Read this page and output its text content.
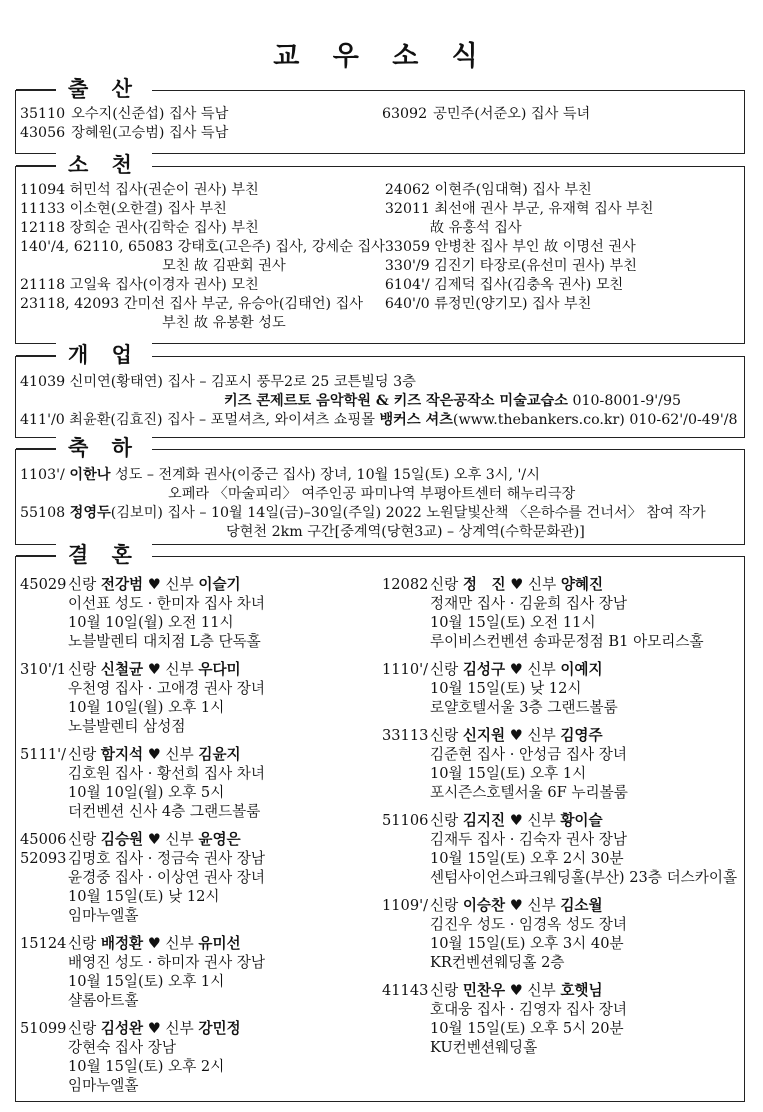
교 우 소 식
출 산
35110 오수지(신준섭) 집사 득남
43056 장혜원(고승범) 집사 득남
63092 공민주(서준오) 집사 득녀
소 천
11094 허민석 집사(권순이 권사) 부친
11133 이소현(오한결) 집사 부친
12118 장희순 권사(김학순 집사) 부친
140'/4, 62110, 65083 강태호(고은주) 집사, 강세순 집사
모친 故 김판회 권사
21118 고일육 집사(이경자 권사) 모친
23118, 42093 간미선 집사 부군, 유승아(김태언) 집사
부친 故 유봉환 성도
24062 이현주(임대혁) 집사 부친
32011 최선애 권사 부군, 유재혁 집사 부친
故 유홍석 집사
33059 안병찬 집사 부인 故 이명선 권사
330'/9 김진기 타장로(유선미 권사) 부친
6104'/ 김제덕 집사(김충옥 권사) 모친
640'/0 류정민(양기모) 집사 부친
개 업
41039 신미연(황태연) 집사 – 김포시 풍무2로 25 코튼빌딩 3층
키즈 콘제르토 음악학원 & 키즈 작은공작소 미술교습소 010-8001-9'/95
411'/0 최윤환(김효진) 집사 – 포멀셔츠, 와이셔츠 쇼핑몰 뱅커스 셔츠(www.thebankers.co.kr) 010-62'/0-49'/8
축 하
1103'/ 이한나 성도 – 전계화 권사(이중근 집사) 장녀, 10월 15일(토) 오후 3시, '/시
오페라 〈마술피리〉 여주인공 파미나역 부평아트센터 해누리극장
55108 정영두(김보미) 집사 – 10월 14일(금)–30일(주일) 2022 노원달빛산책 〈은하수를 건너서〉 참여 작가
당현천 2km 구간[중계역(당현3교) – 상계역(수학문화관)]
결 혼
45029 신랑 전강범 ♥ 신부 이슬기
이선표 성도 · 한미자 집사 차녀
10월 10일(월) 오전 11시
노블발렌티 대치점 L층 단독홀
310'/1 신랑 신철균 ♥ 신부 우다미
우천영 집사 · 고애경 권사 장녀
10월 10일(월) 오후 1시
노블발렌티 삼성점
5111'/ 신랑 함지석 ♥ 신부 김윤지
김호원 집사 · 황선희 집사 차녀
10월 10일(월) 오후 5시
더컨벤션 신사 4층 그랜드볼룸
45006 신랑 김승원 ♥ 신부 윤영은
52093 김명호 집사 · 정금숙 권사 장남
윤경중 집사 · 이상연 권사 장녀
10월 15일(토) 낮 12시
임마누엘홀
15124 신랑 배정환 ♥ 신부 유미선
배영진 성도 · 하미자 권사 장남
10월 15일(토) 오후 1시
샬롬아트홀
51099 신랑 김성완 ♥ 신부 강민정
강현숙 집사 장남
10월 15일(토) 오후 2시
임마누엘홀
12082 신랑 정　진 ♥ 신부 양혜진
정재만 집사 · 김윤희 집사 장남
10월 15일(토) 오전 11시
루이비스컨벤션 송파문정점 B1 아모리스홀
1110'/ 신랑 김성구 ♥ 신부 이예지
10월 15일(토) 낮 12시
로얄호텔서울 3층 그랜드볼룸
33113 신랑 신지원 ♥ 신부 김영주
김준현 집사 · 안성금 집사 장녀
10월 15일(토) 오후 1시
포시즌스호텔서울 6F 누리볼룸
51106 신랑 김지진 ♥ 신부 황이슬
김재두 집사 · 김숙자 권사 장남
10월 15일(토) 오후 2시 30분
센텀사이언스파크웨딩홀(부산) 23층 더스카이홀
1109'/ 신랑 이승찬 ♥ 신부 김소월
김진우 성도 · 임경옥 성도 장녀
10월 15일(토) 오후 3시 40분
KR컨벤션웨딩홀 2층
41143 신랑 민찬우 ♥ 신부 호햇님
호대웅 집사 · 김영자 집사 장녀
10월 15일(토) 오후 5시 20분
KU컨벤션웨딩홀
